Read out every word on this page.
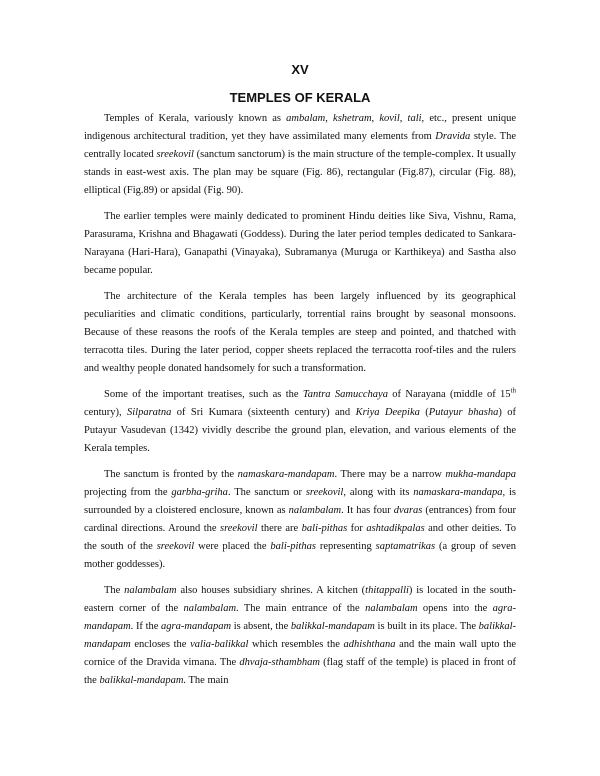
XV
TEMPLES OF KERALA

Temples of Kerala, variously known as ambalam, kshetram, kovil, tali, etc., present unique indigenous architectural tradition, yet they have assimilated many elements from Dravida style. The centrally located sreekovil (sanctum sanctorum) is the main structure of the temple-complex. It usually stands in east-west axis. The plan may be square (Fig. 86), rectangular (Fig.87), circular (Fig. 88), elliptical (Fig.89) or apsidal (Fig. 90).

The earlier temples were mainly dedicated to prominent Hindu deities like Siva, Vishnu, Rama, Parasurama, Krishna and Bhagawati (Goddess). During the later period temples dedicated to Sankara-Narayana (Hari-Hara), Ganapathi (Vinayaka), Subramanya (Muruga or Karthikeya) and Sastha also became popular.

The architecture of the Kerala temples has been largely influenced by its geographical peculiarities and climatic conditions, particularly, torrential rains brought by seasonal monsoons. Because of these reasons the roofs of the Kerala temples are steep and pointed, and thatched with terracotta tiles. During the later period, copper sheets replaced the terracotta roof-tiles and the rulers and wealthy people donated handsomely for such a transformation.

Some of the important treatises, such as the Tantra Samucchaya of Narayana (middle of 15th century), Silparatna of Sri Kumara (sixteenth century) and Kriya Deepika (Putayur bhasha) of Putayur Vasudevan (1342) vividly describe the ground plan, elevation, and various elements of the Kerala temples.

The sanctum is fronted by the namaskara-mandapam. There may be a narrow mukha-mandapa projecting from the garbha-griha. The sanctum or sreekovil, along with its namaskara-mandapa, is surrounded by a cloistered enclosure, known as nalambalam. It has four dvaras (entrances) from four cardinal directions. Around the sreekovil there are bali-pithas for ashtadikpalas and other deities. To the south of the sreekovil were placed the bali-pithas representing saptamatrikas (a group of seven mother goddesses).

The nalambalam also houses subsidiary shrines. A kitchen (thitappalli) is located in the south-eastern corner of the nalambalam. The main entrance of the nalambalam opens into the agra-mandapam. If the agra-mandapam is absent, the balikkal-mandapam is built in its place. The balikkal-mandapam encloses the valia-balikkal which resembles the adhishthana and the main wall upto the cornice of the Dravida vimana. The dhvaja-sthambham (flag staff of the temple) is placed in front of the balikkal-mandapam. The main
